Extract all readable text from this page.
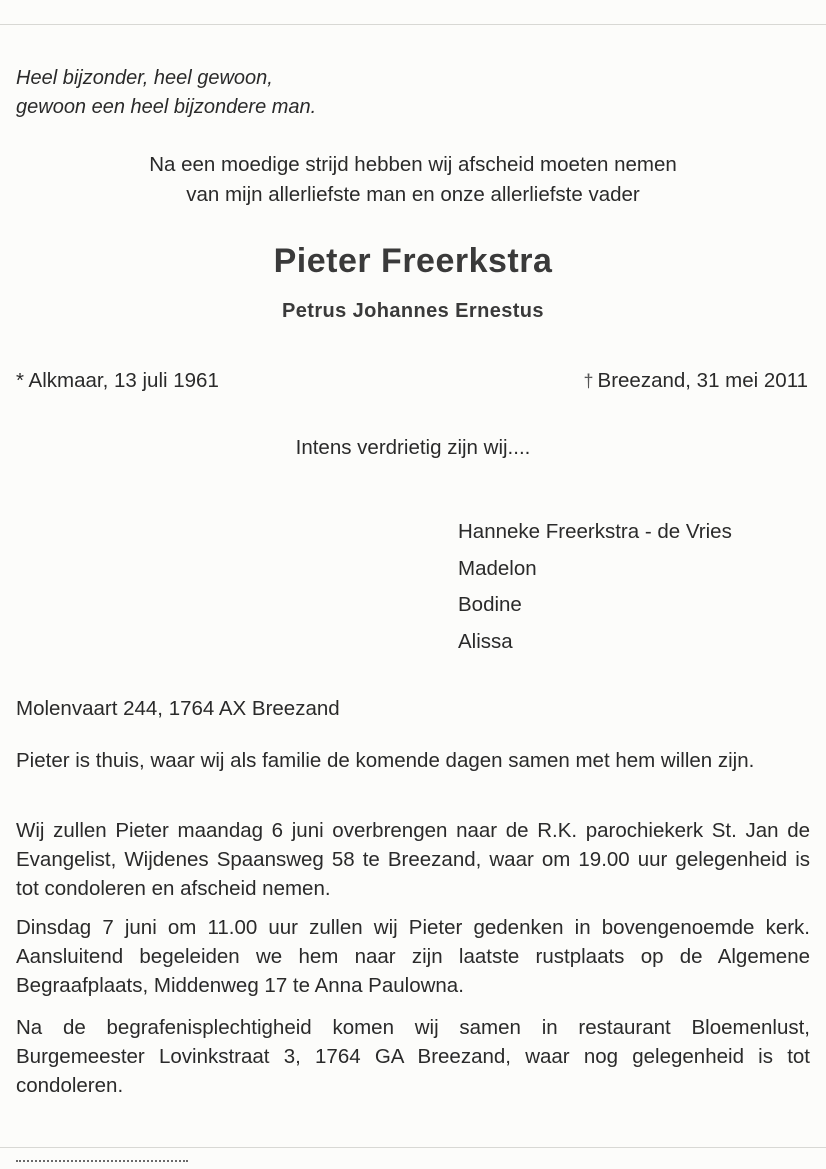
Heel bijzonder, heel gewoon,
gewoon een heel bijzondere man.
Na een moedige strijd hebben wij afscheid moeten nemen
van mijn allerliefste man en onze allerliefste vader
Pieter Freerkstra
Petrus Johannes Ernestus
* Alkmaar, 13 juli 1961	† Breezand, 31 mei 2011
Intens verdrietig zijn wij....
Hanneke Freerkstra - de Vries
Madelon
Bodine
Alissa
Molenvaart 244, 1764 AX Breezand
Pieter is thuis, waar wij als familie de komende dagen samen met hem willen zijn.
Wij zullen Pieter maandag 6 juni overbrengen naar de R.K. parochiekerk St. Jan de Evangelist, Wijdenes Spaansweg 58 te Breezand, waar om 19.00 uur gelegenheid is tot condoleren en afscheid nemen.
Dinsdag 7 juni om 11.00 uur zullen wij Pieter gedenken in bovengenoemde kerk. Aansluitend begeleiden we hem naar zijn laatste rustplaats op de Algemene Begraafplaats, Middenweg 17 te Anna Paulowna.
Na de begrafenisplechtigheid komen wij samen in restaurant Bloemenlust, Burgemeester Lovinkstraat 3, 1764 GA Breezand, waar nog gelegenheid is tot condoleren.
